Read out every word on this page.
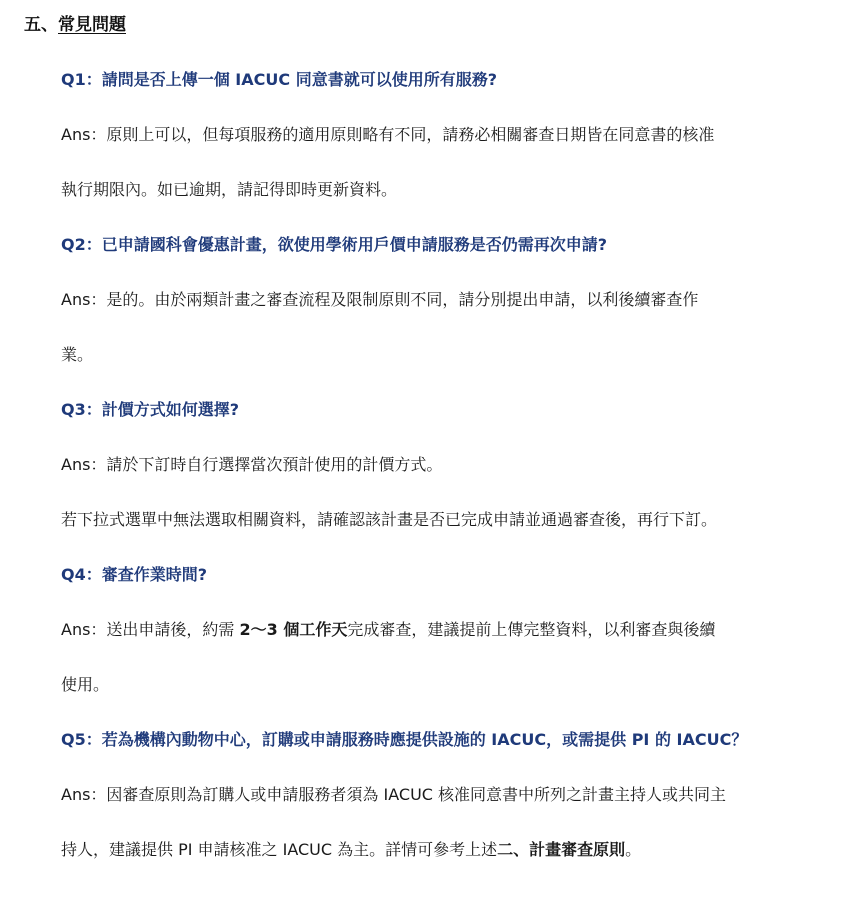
五、常見問題
Q1：請問是否上傳一個 IACUC 同意書就可以使用所有服務?
Ans：原則上可以，但每項服務的適用原則略有不同，請務必相關審查日期皆在同意書的核准
執行期限內。如已逾期，請記得即時更新資料。
Q2：已申請國科會優惠計畫，欲使用學術用戶價申請服務是否仍需再次申請?
Ans：是的。由於兩類計畫之審查流程及限制原則不同，請分別提出申請，以利後續審查作
業。
Q3：計價方式如何選擇?
Ans：請於下訂時自行選擇當次預計使用的計價方式。
若下拉式選單中無法選取相關資料，請確認該計畫是否已完成申請並通過審查後，再行下訂。
Q4：審查作業時間?
Ans：送出申請後，約需 2～3 個工作天完成審查，建議提前上傳完整資料，以利審查與後續
使用。
Q5：若為機構內動物中心，訂購或申請服務時應提供設施的 IACUC，或需提供 PI 的 IACUC？
Ans：因審查原則為訂購人或申請服務者須為 IACUC 核准同意書中所列之計畫主持人或共同主
持人，建議提供 PI 申請核准之 IACUC 為主。詳情可參考上述二、計畫審查原則。
